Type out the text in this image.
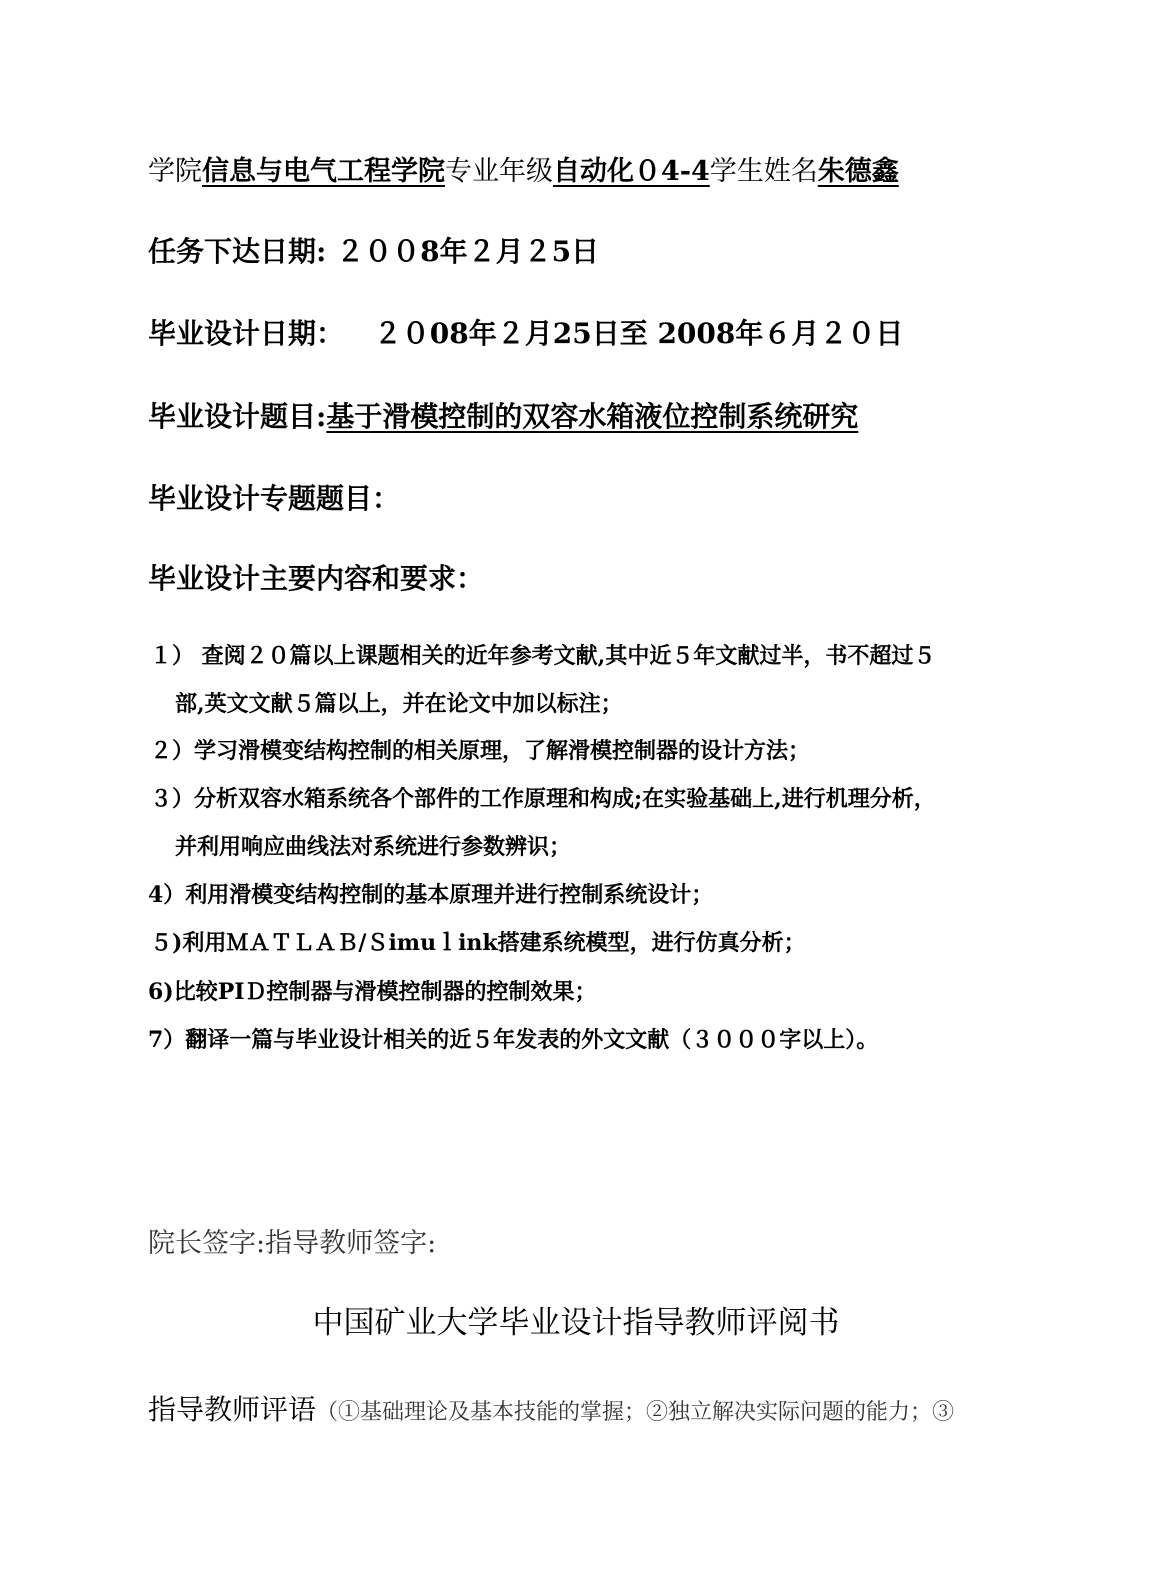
学院信息与电气工程学院专业年级自动化０4-4学生姓名朱德鑫
任务下达日期: ２００8年２月２5日
毕业设计日期： ２０08年２月25日至 2008年６月２０日
毕业设计题目:基于滑模控制的双容水箱液位控制系统研究
毕业设计专题题目：
毕业设计主要内容和要求：
１） 查阅２０篇以上课题相关的近年参考文献,其中近５年文献过半，书不超过５
部,英文文献５篇以上，并在论文中加以标注；
２）学习滑模变结构控制的相关原理，了解滑模控制器的设计方法；
３）分析双容水箱系统各个部件的工作原理和构成;在实验基础上,进行机理分析，
并利用响应曲线法对系统进行参数辨识；
4）利用滑模变结构控制的基本原理并进行控制系统设计；
５)利用ＭＡＴＬＡＢ/Ｓimuｌink搭建系统模型，进行仿真分析；
6)比较PIＤ控制器与滑模控制器的控制效果；
7）翻译一篇与毕业设计相关的近５年发表的外文文献（３０００字以上）。
院长签字:指导教师签字:
中国矿业大学毕业设计指导教师评阅书
指导教师评语（①基础理论及基本技能的掌握；②独立解决实际问题的能力；③
